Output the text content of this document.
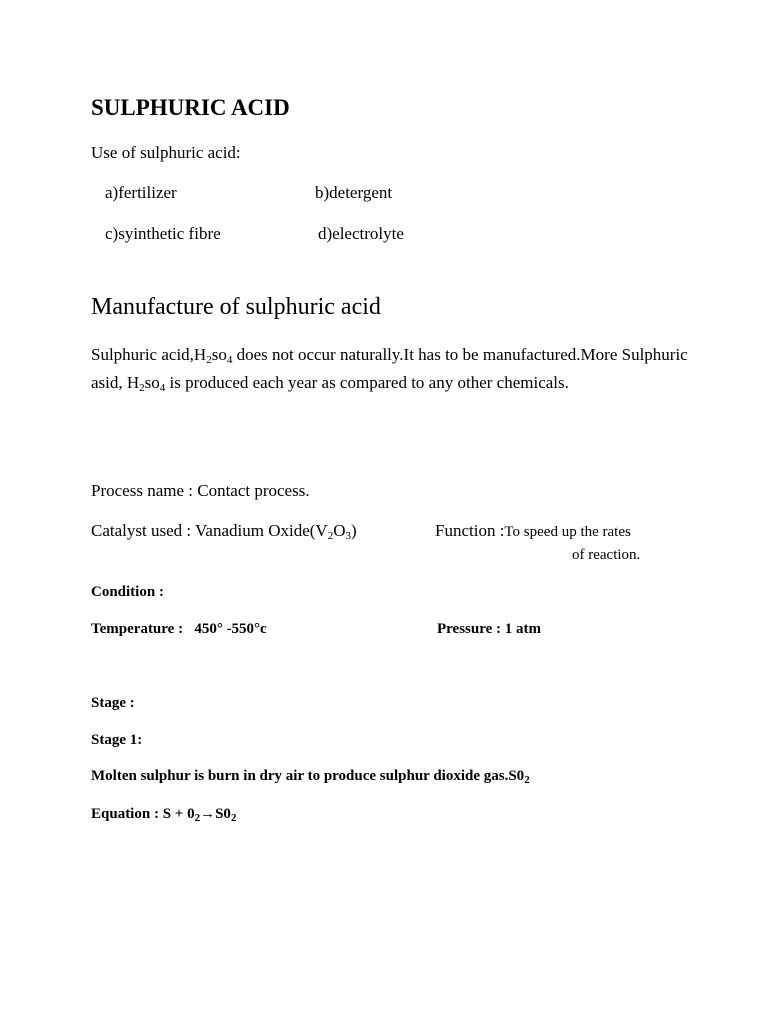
SULPHURIC ACID
Use of sulphuric acid:
a)fertilizer	b)detergent
c)syinthetic fibre	d)electrolyte
Manufacture of sulphuric acid
Sulphuric $acid,H_2so_4$ does not occur naturally.It has to be manufactured.More Sulphuric asid, $H_2so_4$ is produced each year as compared to any other chemicals.
Process name : Contact process.
Catalyst used : Vanadium $Oxide(V_2O_3)$	Function :To speed up the rates
of reaction.
Condition :
Temperature :   450° -550°c	Pressure : 1 atm
Stage :
Stage 1:
Molten sulphur is burn in dry air to produce sulphur dioxide $gas.S0_2$
Equation : $S + 0_2\to S0_2$
